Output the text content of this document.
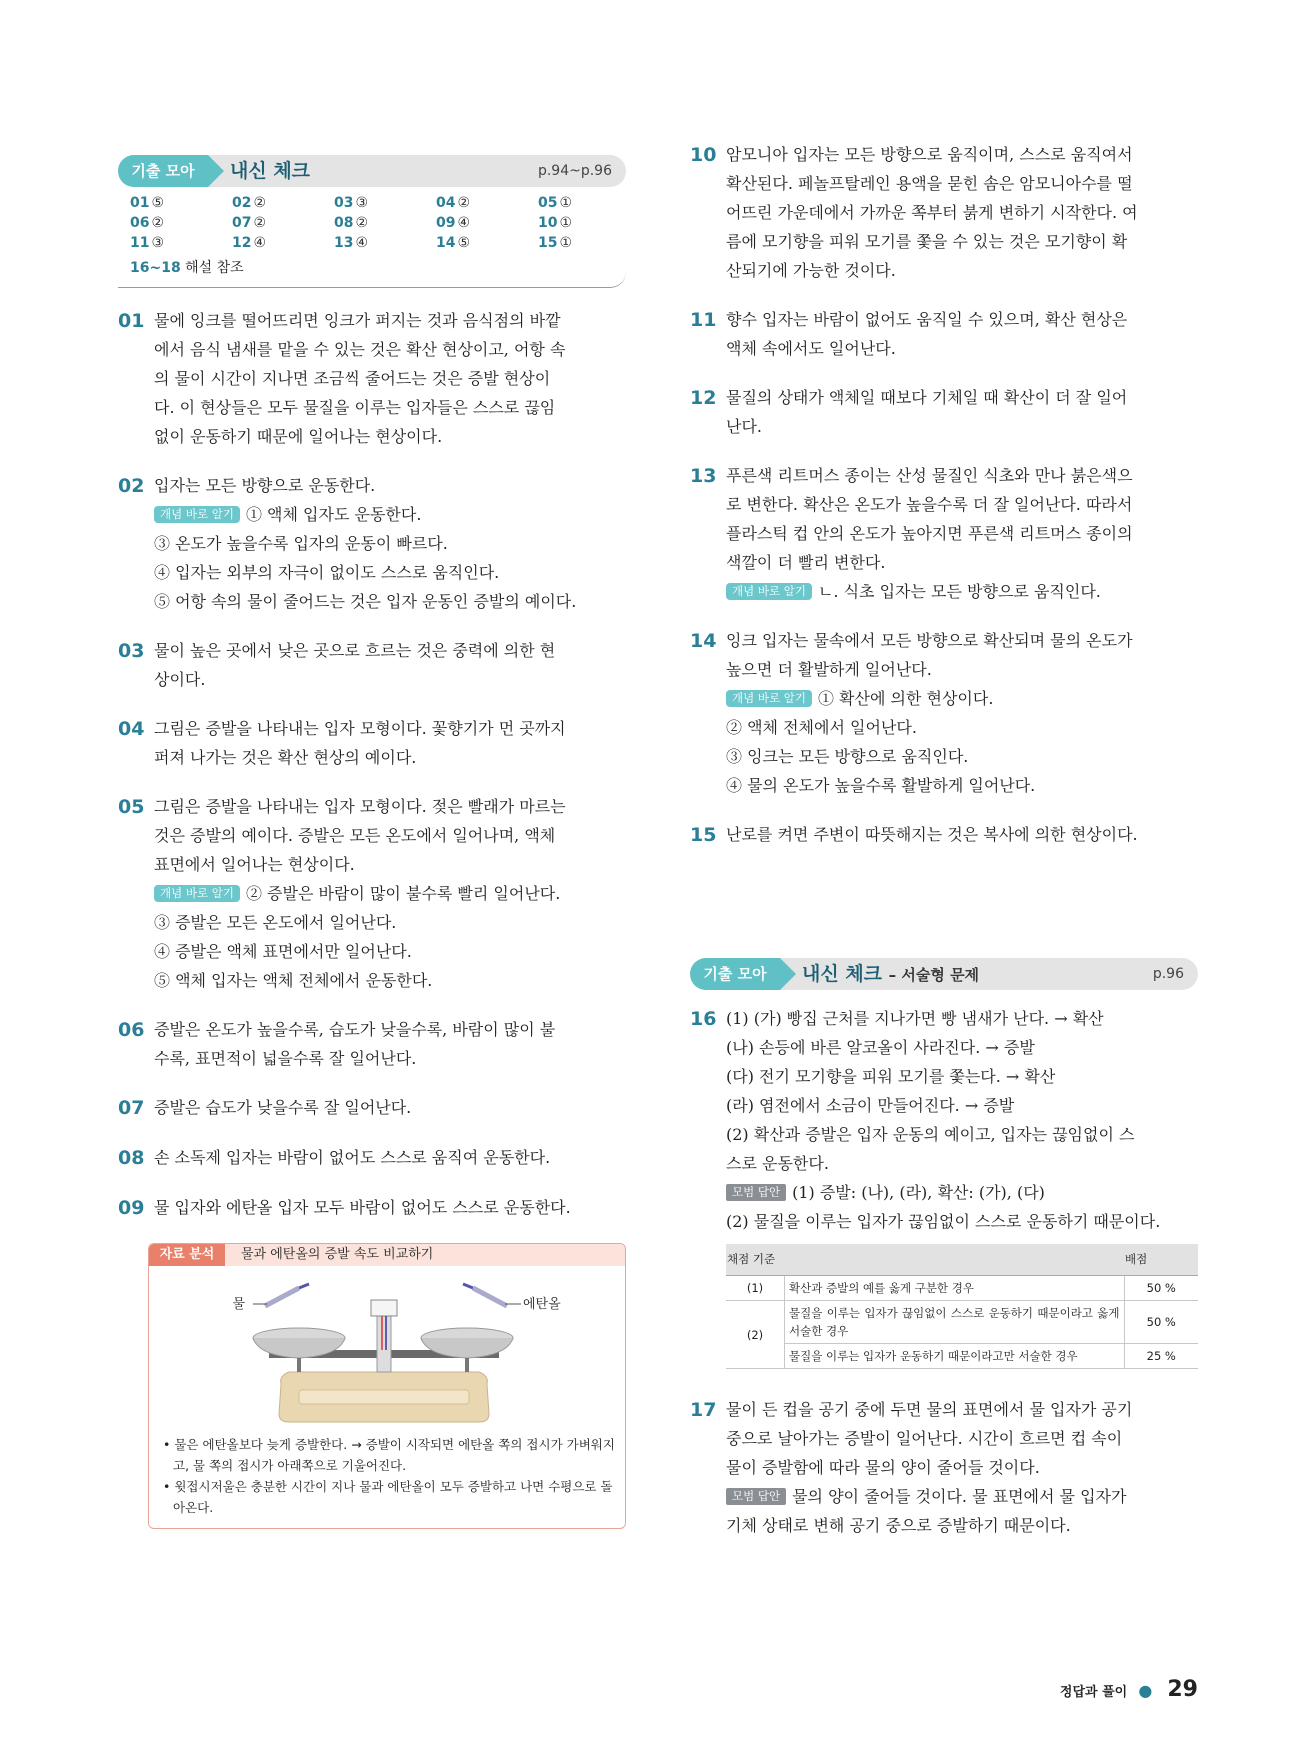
기출 모아	내신 체크	p.94~p.96
01 ⑤	02 ②	03 ③	04 ②	05 ①
06 ②	07 ②	08 ②	09 ④	10 ①
11 ③	12 ④	13 ④	14 ⑤	15 ①
16~18 해설 참조
01 물에 잉크를 떨어뜨리면 잉크가 퍼지는 것과 음식점의 바깥
에서 음식 냄새를 맡을 수 있는 것은 확산 현상이고, 어항 속
의 물이 시간이 지나면 조금씩 줄어드는 것은 증발 현상이
다. 이 현상들은 모두 물질을 이루는 입자들은 스스로 끊임
없이 운동하기 때문에 일어나는 현상이다.
02 입자는 모든 방향으로 운동한다.
개념 바로 알기 ① 액체 입자도 운동한다.
③ 온도가 높을수록 입자의 운동이 빠르다.
④ 입자는 외부의 자극이 없이도 스스로 움직인다.
⑤ 어항 속의 물이 줄어드는 것은 입자 운동인 증발의 예이다.
03 물이 높은 곳에서 낮은 곳으로 흐르는 것은 중력에 의한 현
상이다.
04 그림은 증발을 나타내는 입자 모형이다. 꽃향기가 먼 곳까지
퍼져 나가는 것은 확산 현상의 예이다.
05 그림은 증발을 나타내는 입자 모형이다. 젖은 빨래가 마르는
것은 증발의 예이다. 증발은 모든 온도에서 일어나며, 액체
표면에서 일어나는 현상이다.
개념 바로 알기 ② 증발은 바람이 많이 불수록 빨리 일어난다.
③ 증발은 모든 온도에서 일어난다.
④ 증발은 액체 표면에서만 일어난다.
⑤ 액체 입자는 액체 전체에서 운동한다.
06 증발은 온도가 높을수록, 습도가 낮을수록, 바람이 많이 불
수록, 표면적이 넓을수록 잘 일어난다.
07 증발은 습도가 낮을수록 잘 일어난다.
08 손 소독제 입자는 바람이 없어도 스스로 움직여 운동한다.
09 물 입자와 에탄올 입자 모두 바람이 없어도 스스로 운동한다.
자료 분석	물과 에탄올의 증발 속도 비교하기
물	에탄올
• 물은 에탄올보다 늦게 증발한다. → 증발이 시작되면 에탄올 쪽의 접시가 가벼워지고, 물 쪽의 접시가 아래쪽으로 기울어진다.
• 윗접시저울은 충분한 시간이 지나 물과 에탄올이 모두 증발하고 나면 수평으로 돌아온다.
10 암모니아 입자는 모든 방향으로 움직이며, 스스로 움직여서
확산된다. 페놀프탈레인 용액을 묻힌 솜은 암모니아수를 떨
어뜨린 가운데에서 가까운 쪽부터 붉게 변하기 시작한다. 여
름에 모기향을 피워 모기를 쫓을 수 있는 것은 모기향이 확
산되기에 가능한 것이다.
11 향수 입자는 바람이 없어도 움직일 수 있으며, 확산 현상은
액체 속에서도 일어난다.
12 물질의 상태가 액체일 때보다 기체일 때 확산이 더 잘 일어
난다.
13 푸른색 리트머스 종이는 산성 물질인 식초와 만나 붉은색으
로 변한다. 확산은 온도가 높을수록 더 잘 일어난다. 따라서
플라스틱 컵 안의 온도가 높아지면 푸른색 리트머스 종이의
색깔이 더 빨리 변한다.
개념 바로 알기 ㄴ. 식초 입자는 모든 방향으로 움직인다.
14 잉크 입자는 물속에서 모든 방향으로 확산되며 물의 온도가
높으면 더 활발하게 일어난다.
개념 바로 알기 ① 확산에 의한 현상이다.
② 액체 전체에서 일어난다.
③ 잉크는 모든 방향으로 움직인다.
④ 물의 온도가 높을수록 활발하게 일어난다.
15 난로를 켜면 주변이 따뜻해지는 것은 복사에 의한 현상이다.
기출 모아	내신 체크 – 서술형 문제	p.96
16 (1) (가) 빵집 근처를 지나가면 빵 냄새가 난다. → 확산
(나) 손등에 바른 알코올이 사라진다. → 증발
(다) 전기 모기향을 피워 모기를 쫓는다. → 확산
(라) 염전에서 소금이 만들어진다. → 증발
(2) 확산과 증발은 입자 운동의 예이고, 입자는 끊임없이 스
스로 운동한다.
모범 답안 (1) 증발: (나), (라), 확산: (가), (다)
(2) 물질을 이루는 입자가 끊임없이 스스로 운동하기 때문이다.
채점 기준		배점
(1)	확산과 증발의 예를 옳게 구분한 경우	50 %
(2)	물질을 이루는 입자가 끊임없이 스스로 운동하기 때문이라고 옳게 서술한 경우	50 %
	물질을 이루는 입자가 운동하기 때문이라고만 서술한 경우	25 %
17 물이 든 컵을 공기 중에 두면 물의 표면에서 물 입자가 공기
중으로 날아가는 증발이 일어난다. 시간이 흐르면 컵 속이
물이 증발함에 따라 물의 양이 줄어들 것이다.
모범 답안 물의 양이 줄어들 것이다. 물 표면에서 물 입자가
기체 상태로 변해 공기 중으로 증발하기 때문이다.
정답과 풀이 ● 29
